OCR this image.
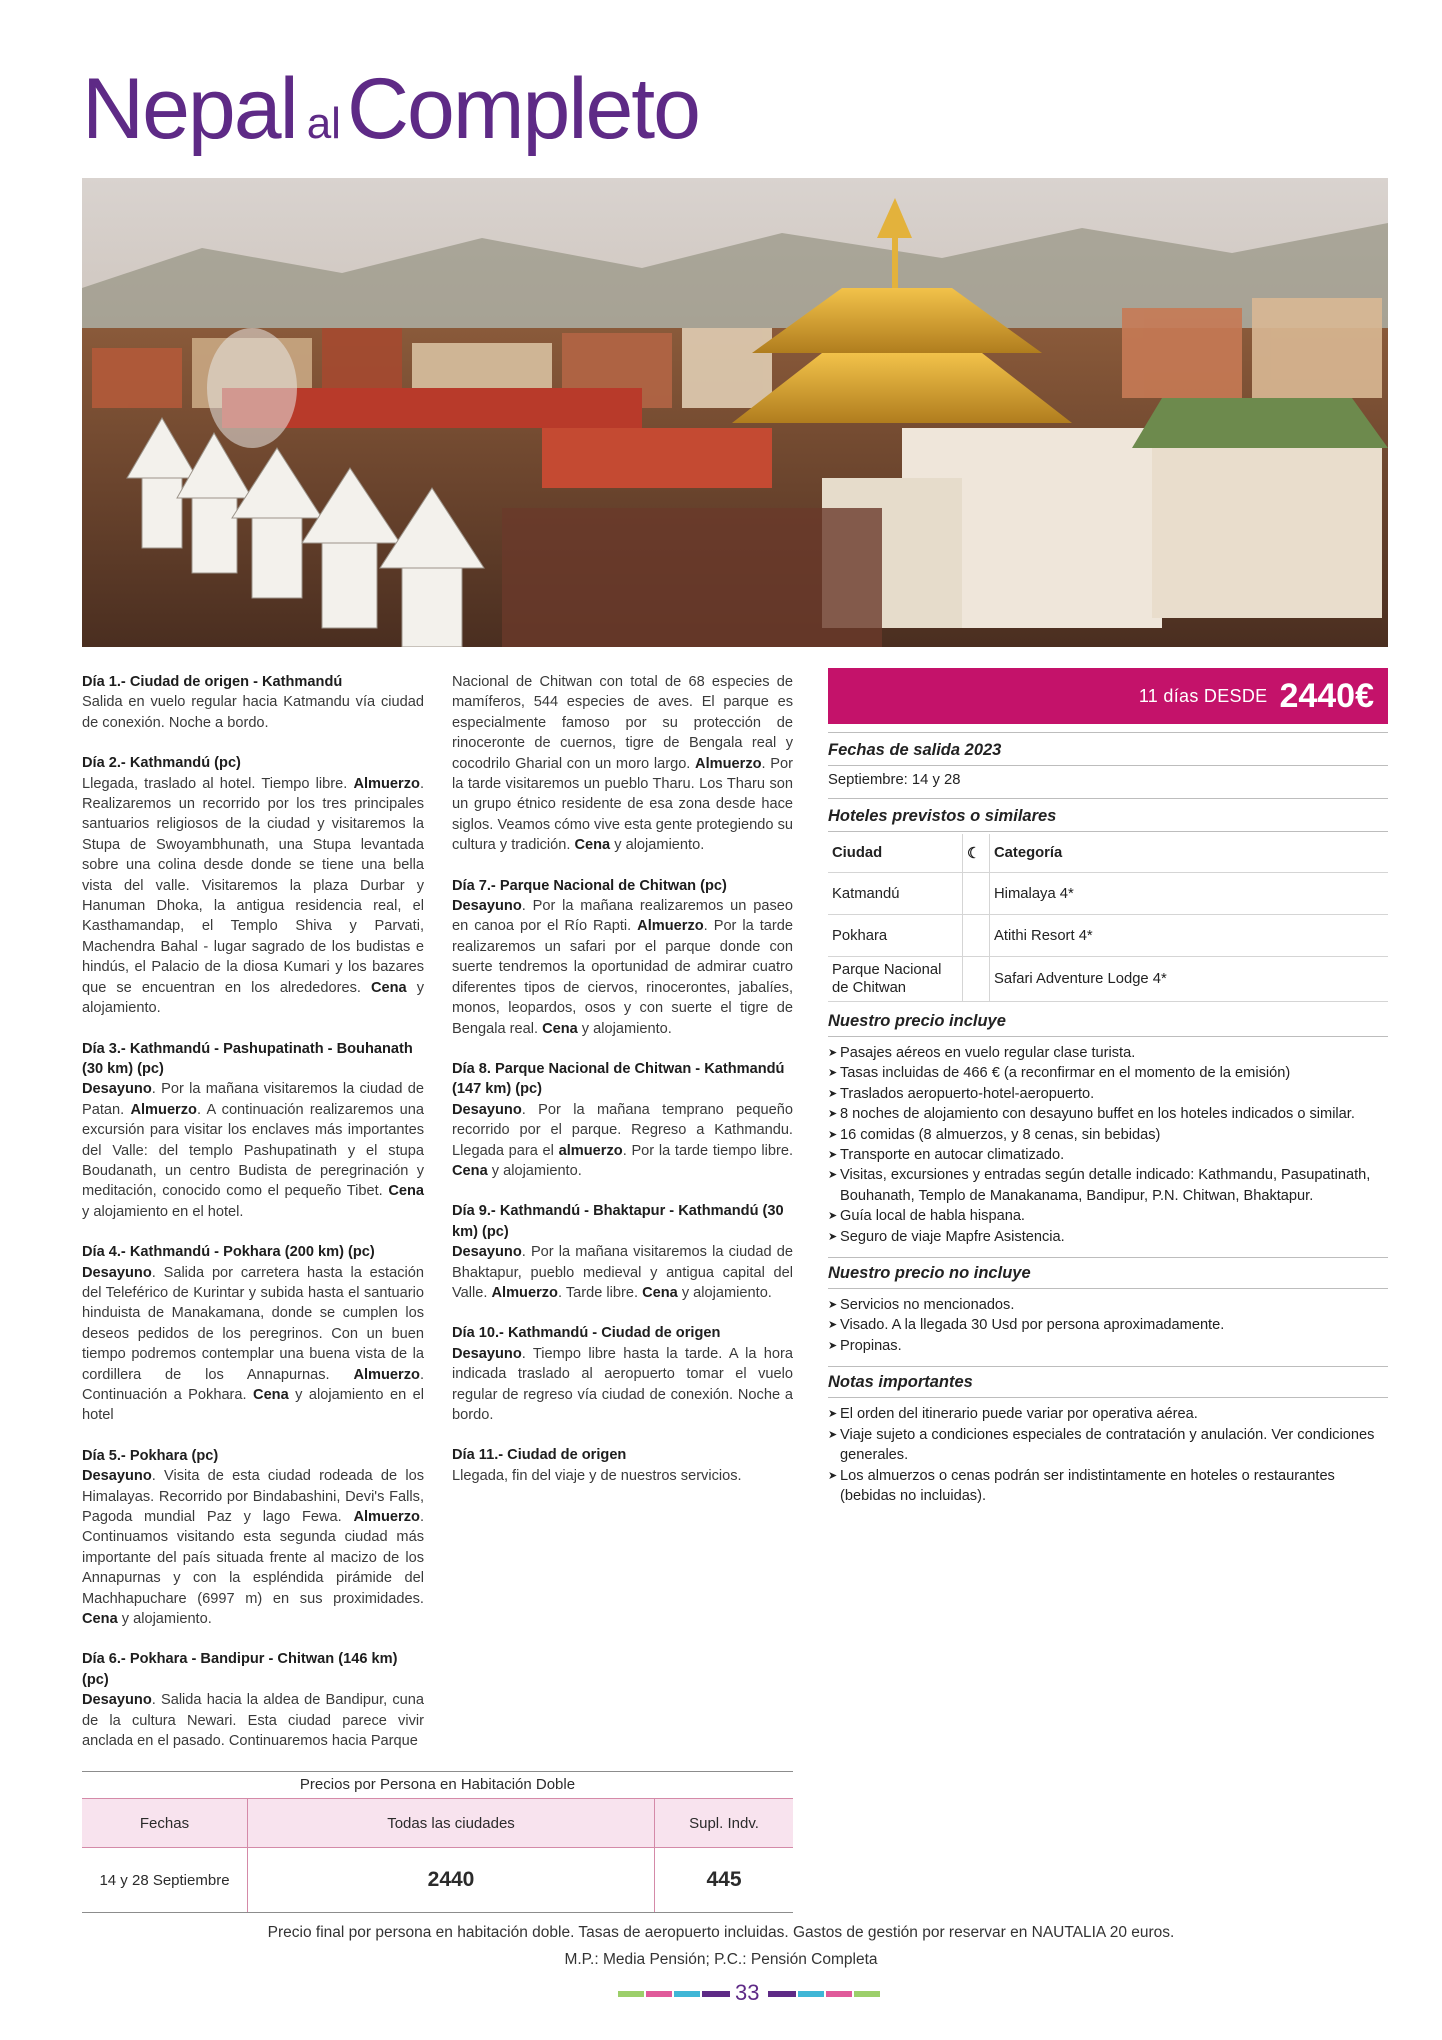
Nepal alCompleto
Día 1.- Ciudad de origen - Kathmandú
Salida en vuelo regular hacia Katmandu vía ciudad de conexión. Noche a bordo.
Día 2.- Kathmandú (pc)
Llegada, traslado al hotel. Tiempo libre. Almuerzo. Realizaremos un recorrido por los tres principales santuarios religiosos de la ciudad y visitaremos la Stupa de Swoyambhunath, una Stupa levantada sobre una colina desde donde se tiene una bella vista del valle. Visitaremos la plaza Durbar y Hanuman Dhoka, la antigua residencia real, el Kasthamandap, el Templo Shiva y Parvati, Machendra Bahal - lugar sagrado de los budistas e hindús, el Palacio de la diosa Kumari y los bazares que se encuentran en los alrededores. Cena y alojamiento.
Día 3.- Kathmandú - Pashupatinath - Bouhanath (30 km) (pc)
Desayuno. Por la mañana visitaremos la ciudad de Patan. Almuerzo. A continuación realizaremos una excursión para visitar los enclaves más importantes del Valle: del templo Pashupatinath y el stupa Boudanath, un centro Budista de peregrinación y meditación, conocido como el pequeño Tibet. Cena y alojamiento en el hotel.
Día 4.- Kathmandú - Pokhara (200 km) (pc)
Desayuno. Salida por carretera hasta la estación del Teleférico de Kurintar y subida hasta el santuario hinduista de Manakamana, donde se cumplen los deseos pedidos de los peregrinos. Con un buen tiempo podremos contemplar una buena vista de la cordillera de los Annapurnas. Almuerzo. Continuación a Pokhara. Cena y alojamiento en el hotel
Día 5.- Pokhara (pc)
Desayuno. Visita de esta ciudad rodeada de los Himalayas. Recorrido por Bindabashini, Devi's Falls, Pagoda mundial Paz y lago Fewa. Almuerzo. Continuamos visitando esta segunda ciudad más importante del país situada frente al macizo de los Annapurnas y con la espléndida pirámide del Machhapuchare (6997 m) en sus proximidades. Cena y alojamiento.
Día 6.- Pokhara - Bandipur - Chitwan (146 km) (pc)
Desayuno. Salida hacia la aldea de Bandipur, cuna de la cultura Newari. Esta ciudad parece vivir anclada en el pasado. Continuaremos hacia Parque
Nacional de Chitwan con total de 68 especies de mamíferos, 544 especies de aves. El parque es especialmente famoso por su protección de rinoceronte de cuernos, tigre de Bengala real y cocodrilo Gharial con un moro largo. Almuerzo. Por la tarde visitaremos un pueblo Tharu. Los Tharu son un grupo étnico residente de esa zona desde hace siglos. Veamos cómo vive esta gente protegiendo su cultura y tradición. Cena y alojamiento.
Día 7.- Parque Nacional de Chitwan (pc)
Desayuno. Por la mañana realizaremos un paseo en canoa por el Río Rapti. Almuerzo. Por la tarde realizaremos un safari por el parque donde con suerte tendremos la oportunidad de admirar cuatro diferentes tipos de ciervos, rinocerontes, jabalíes, monos, leopardos, osos y con suerte el tigre de Bengala real. Cena y alojamiento.
Día 8. Parque Nacional de Chitwan - Kathmandú (147 km) (pc)
Desayuno. Por la mañana temprano pequeño recorrido por el parque. Regreso a Kathmandu. Llegada para el almuerzo. Por la tarde tiempo libre. Cena y alojamiento.
Día 9.- Kathmandú - Bhaktapur - Kathmandú (30 km) (pc)
Desayuno. Por la mañana visitaremos la ciudad de Bhaktapur, pueblo medieval y antigua capital del Valle. Almuerzo. Tarde libre. Cena y alojamiento.
Día 10.- Kathmandú - Ciudad de origen
Desayuno. Tiempo libre hasta la tarde. A la hora indicada traslado al aeropuerto tomar el vuelo regular de regreso vía ciudad de conexión. Noche a bordo.
Día 11.- Ciudad de origen
Llegada, fin del viaje y de nuestros servicios.
11 días DESDE 2440€
Fechas de salida 2023
Septiembre: 14 y 28
Hoteles previstos o similares
Ciudad	☾	Categoría
Katmandú		Himalaya 4*
Pokhara		Atithi Resort 4*
Parque Nacional de Chitwan		Safari Adventure Lodge 4*
Nuestro precio incluye
➤ Pasajes aéreos en vuelo regular clase turista.
➤ Tasas incluidas de 466 € (a reconfirmar en el momento de la emisión)
➤ Traslados aeropuerto-hotel-aeropuerto.
➤ 8 noches de alojamiento con desayuno buffet en los hoteles indicados o similar.
➤ 16 comidas (8 almuerzos, y 8 cenas, sin bebidas)
➤ Transporte en autocar climatizado.
➤ Visitas, excursiones y entradas según detalle indicado: Kathmandu, Pasupatinath, Bouhanath, Templo de Manakanama, Bandipur, P.N. Chitwan, Bhaktapur.
➤ Guía local de habla hispana.
➤ Seguro de viaje Mapfre Asistencia.
Nuestro precio no incluye
➤ Servicios no mencionados.
➤ Visado. A la llegada 30 Usd por persona aproximadamente.
➤ Propinas.
Notas importantes
➤ El orden del itinerario puede variar por operativa aérea.
➤ Viaje sujeto a condiciones especiales de contratación y anulación. Ver condiciones generales.
➤ Los almuerzos o cenas podrán ser indistintamente en hoteles o restaurantes (bebidas no incluidas).
Precios por Persona en Habitación Doble
Fechas	Todas las ciudades	Supl. Indv.
14 y 28 Septiembre	2440	445
Precio final por persona en habitación doble. Tasas de aeropuerto incluidas. Gastos de gestión por reservar en NAUTALIA 20 euros.
M.P.: Media Pensión; P.C.: Pensión Completa
33
